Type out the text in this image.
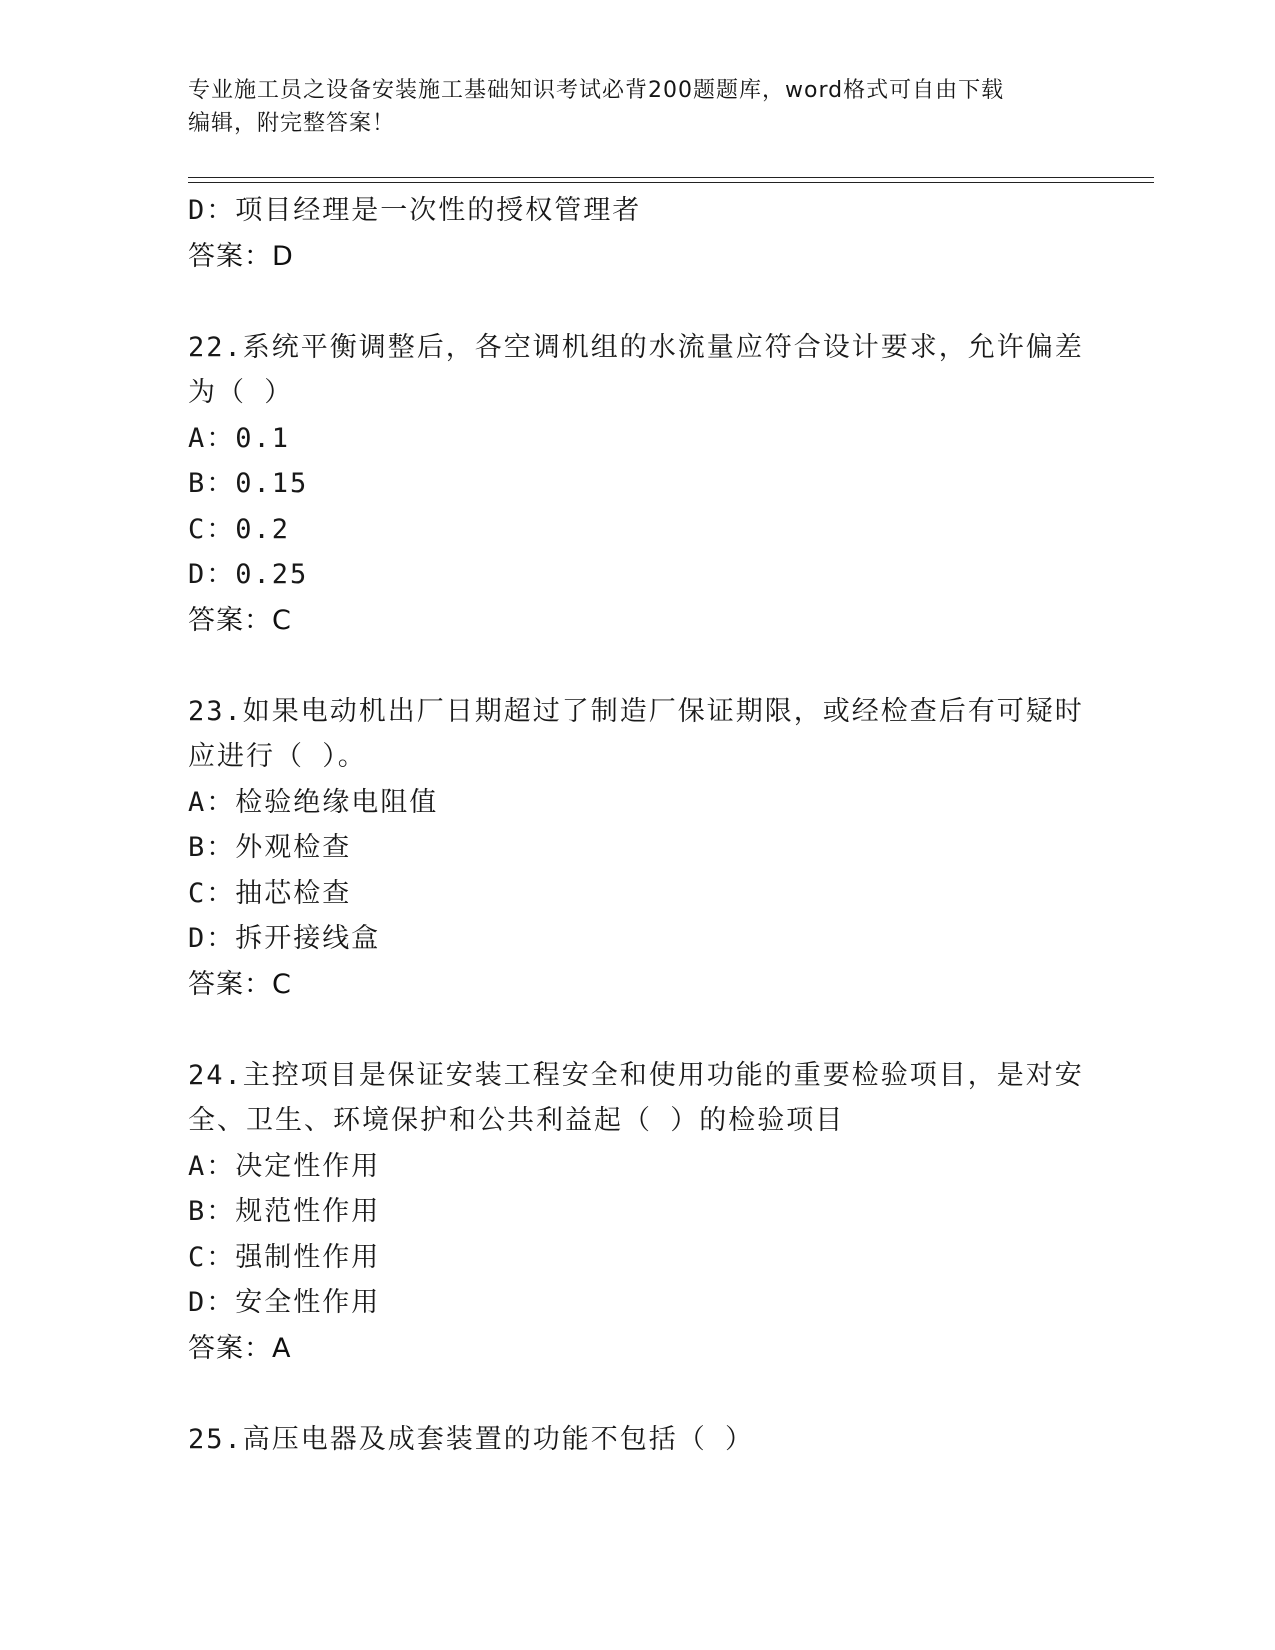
专业施工员之设备安装施工基础知识考试必背200题题库，word格式可自由下载
编辑，附完整答案！
D：项目经理是一次性的授权管理者
答案：D
22.系统平衡调整后，各空调机组的水流量应符合设计要求，允许偏差
为（ ）
A：0.1
B：0.15
C：0.2
D：0.25
答案：C
23.如果电动机出厂日期超过了制造厂保证期限，或经检查后有可疑时
应进行（ ）。
A：检验绝缘电阻值
B：外观检查
C：抽芯检查
D：拆开接线盒
答案：C
24.主控项目是保证安装工程安全和使用功能的重要检验项目，是对安
全、卫生、环境保护和公共利益起（ ）的检验项目
A：决定性作用
B：规范性作用
C：强制性作用
D：安全性作用
答案：A
25.高压电器及成套装置的功能不包括（ ）
